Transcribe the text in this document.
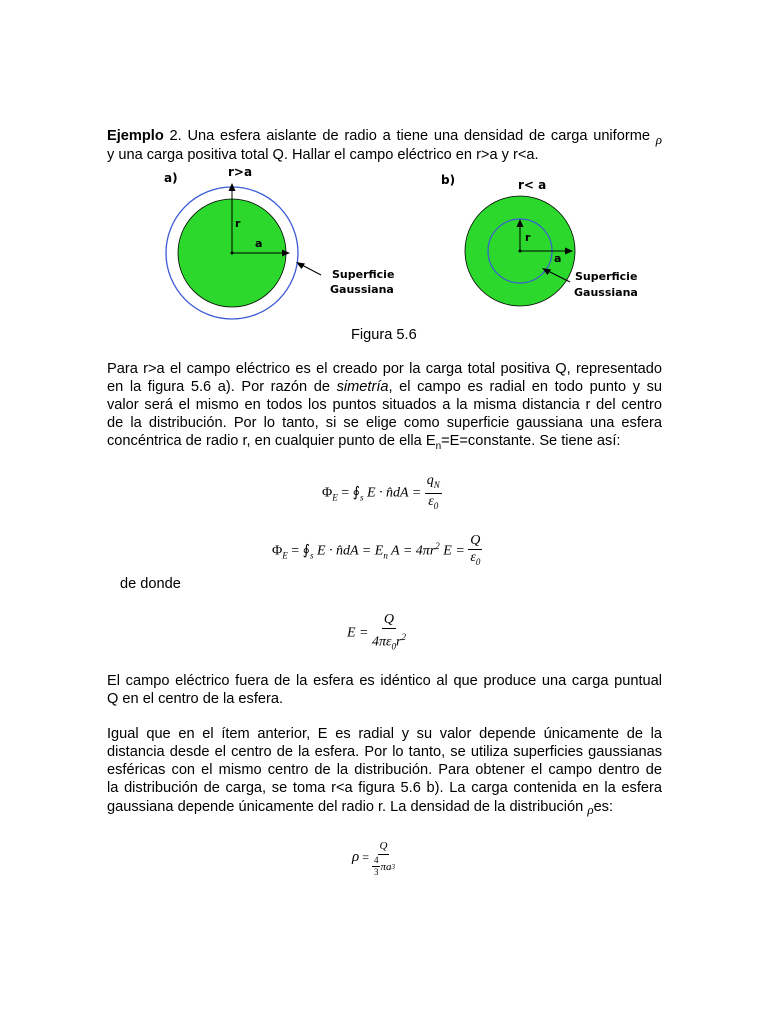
Ejemplo 2. Una esfera aislante de radio a tiene una densidad de carga uniforme ρ

y una carga positiva total Q. Hallar el campo eléctrico en r>a y r<a.

a)	r>a
r
a
Superficie
Gaussiana
b)	r< a
r
a
Superficie
Gaussiana
Figura 5.6

Para r>a el campo eléctrico es el creado por la carga total positiva Q, representado

en la figura 5.6 a). Por razón de simetría, el campo es radial en todo punto y su

valor será el mismo en todos los puntos situados a la misma distancia r del centro

de la distribución. Por lo tanto, si se elige como superficie gaussiana una esfera

concéntrica de radio r, en cualquier punto de ella $E_n=E=constante$. Se tiene así:

$\Phi_E$ = $∮_s$ E · n̂dA = $\frac{q_N}{\varepsilon_0}$
$\Phi_E$ = $∮_s$ E · n̂dA = $E_n$ $A = 4\pi r^2$ $E = \frac{Q}{\varepsilon_0}$

de donde

$E = \frac{Q}{4\pi\varepsilon_0r^2}$

El campo eléctrico fuera de la esfera es idéntico al que produce una carga puntual

Q en el centro de la esfera.

Igual que en el ítem anterior, E es radial y su valor depende únicamente de la

distancia desde el centro de la esfera. Por lo tanto, se utiliza superficies gaussianas

esféricas con el mismo centro de la distribución. Para obtener el campo dentro de

la distribución de carga, se toma r<a figura 5.6 b). La carga contenida en la esfera

gaussiana depende únicamente del radio r. La densidad de la distribución ρes:

$\rho = \frac{Q}{\frac{4}{3} \pi a 3}$
